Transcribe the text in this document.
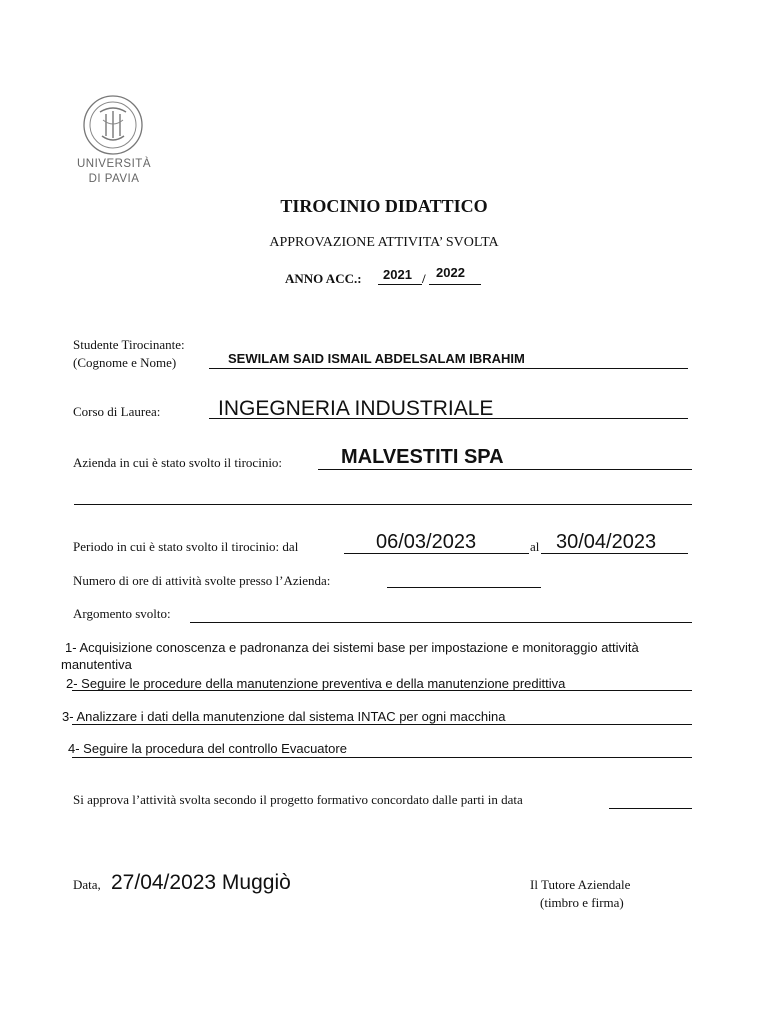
UNIVERSITÀ
DI PAVIA
TIROCINIO DIDATTICO
APPROVAZIONE ATTIVITA’ SVOLTA
ANNO ACC.: 2021 / 2022
Studente Tirocinante:
(Cognome e Nome)	SEWILAM SAID ISMAIL ABDELSALAM IBRAHIM
Corso di Laurea:	INGEGNERIA INDUSTRIALE
Azienda in cui è stato svolto il tirocinio:	MALVESTITI SPA
Periodo in cui è stato svolto il tirocinio: dal	06/03/2023	al 30/04/2023
Numero di ore di attività svolte presso l’Azienda:
Argomento svolto:
1- Acquisizione conoscenza e padronanza dei sistemi base per impostazione e monitoraggio attività
manutentiva
2- Seguire le procedure della manutenzione preventiva e della manutenzione predittiva
3- Analizzare i dati della manutenzione dal sistema INTAC per ogni macchina
4- Seguire la procedura del controllo Evacuatore
Si approva l’attività svolta secondo il progetto formativo concordato dalle parti in data
Data, 27/04/2023 Muggiò	Il Tutore Aziendale
(timbro e firma)
